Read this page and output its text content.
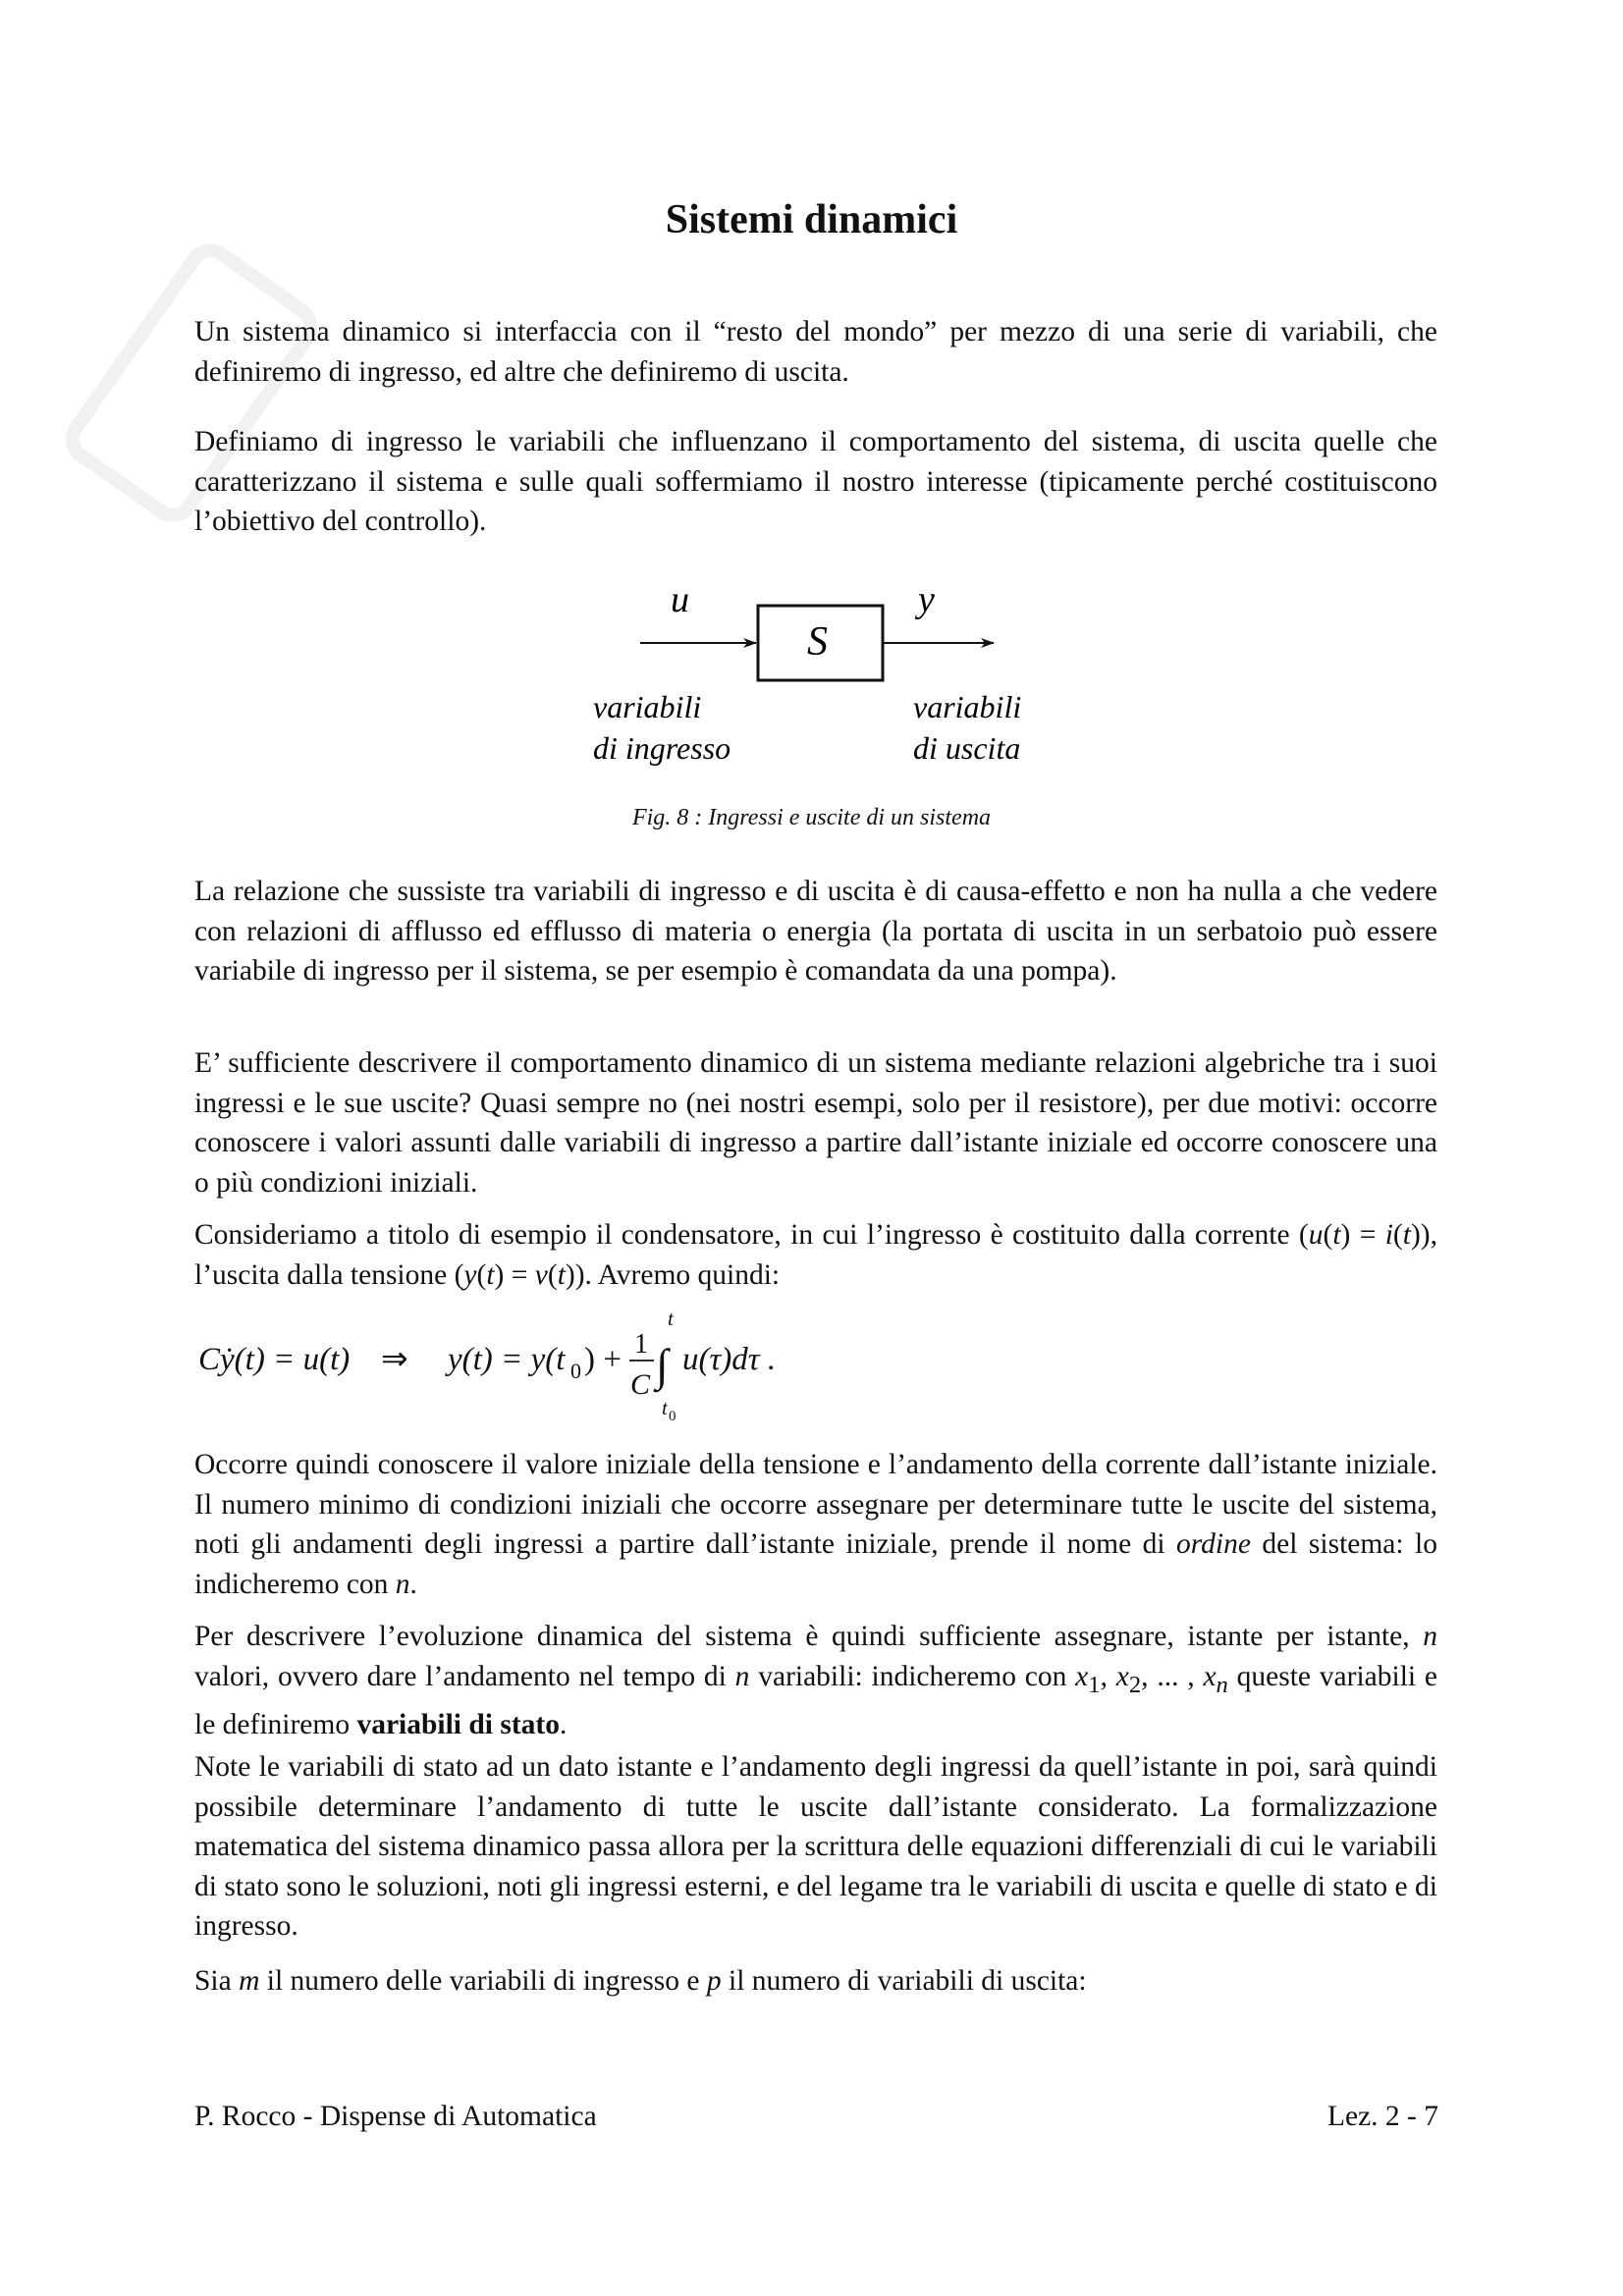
Sistemi dinamici

Un sistema dinamico si interfaccia con il “resto del mondo” per mezzo di una serie di variabili, che definiremo di ingresso, ed altre che definiremo di uscita.

Definiamo di ingresso le variabili che influenzano il comportamento del sistema, di uscita quelle che caratterizzano il sistema e sulle quali soffermiamo il nostro interesse (tipicamente perché costituiscono l’obiettivo del controllo).

u	y
S
variabili
di ingresso
variabili
di uscita

Fig. 8 : Ingressi e uscite di un sistema

La relazione che sussiste tra variabili di ingresso e di uscita è di causa-effetto e non ha nulla a che vedere con relazioni di afflusso ed efflusso di materia o energia (la portata di uscita in un serbatoio può essere variabile di ingresso per il sistema, se per esempio è comandata da una pompa).

E’ sufficiente descrivere il comportamento dinamico di un sistema mediante relazioni algebriche tra i suoi ingressi e le sue uscite? Quasi sempre no (nei nostri esempi, solo per il resistore), per due motivi: occorre conoscere i valori assunti dalle variabili di ingresso a partire dall’istante iniziale ed occorre conoscere una o più condizioni iniziali.

Consideriamo a titolo di esempio il condensatore, in cui l’ingresso è costituito dalla corrente (u(t) = i(t)), l’uscita dalla tensione (y(t) = v(t)). Avremo quindi:

Cẏ(t) = u(t) ⇒ y(t) = y(t 0 ) + 1
C ∫
t
t 0
u(τ)dτ .

Occorre quindi conoscere il valore iniziale della tensione e l’andamento della corrente dall’istante iniziale. Il numero minimo di condizioni iniziali che occorre assegnare per determinare tutte le uscite del sistema, noti gli andamenti degli ingressi a partire dall’istante iniziale, prende il nome di ordine del sistema: lo indicheremo con n.

Per descrivere l’evoluzione dinamica del sistema è quindi sufficiente assegnare, istante per istante, n valori, ovvero dare l’andamento nel tempo di n variabili: indicheremo con $x_1$, $x_2$, ... , $x_n$ queste variabili e le definiremo variabili di stato.

Note le variabili di stato ad un dato istante e l’andamento degli ingressi da quell’istante in poi, sarà quindi possibile determinare l’andamento di tutte le uscite dall’istante considerato. La formalizzazione matematica del sistema dinamico passa allora per la scrittura delle equazioni differenziali di cui le variabili di stato sono le soluzioni, noti gli ingressi esterni, e del legame tra le variabili di uscita e quelle di stato e di ingresso.

Sia m il numero delle variabili di ingresso e p il numero di variabili di uscita:

P. Rocco - Dispense di Automatica	Lez. 2 - 7
